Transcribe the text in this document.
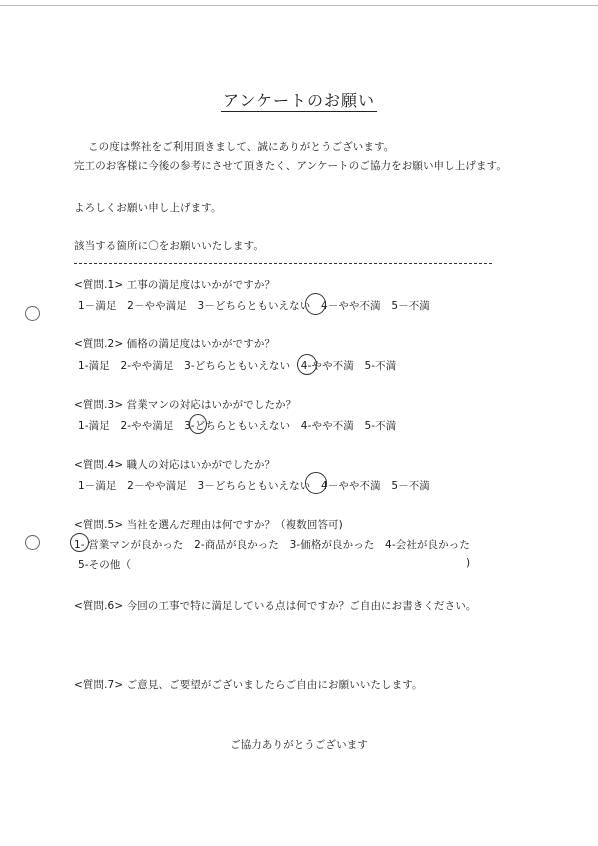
アンケートのお願い
この度は弊社をご利用頂きまして、誠にありがとうございます。
完工のお客様に今後の参考にさせて頂きたく、アンケートのご協力をお願い申し上げます。
よろしくお願い申し上げます。
該当する箇所に〇をお願いいたします。
<質問.1> 工事の満足度はいかがですか？
1－満足　2－やや満足　3－どちらともいえない　4－やや不満　5－不満
<質問.2> 価格の満足度はいかがですか？
1-満足　2-やや満足　3-どちらともいえない　4-やや不満　5-不満
<質問.3> 営業マンの対応はいかがでしたか？
1-満足　2-やや満足　3-どちらともいえない　4-やや不満　5-不満
<質問.4> 職人の対応はいかがでしたか？
1－満足　2－やや満足　3－どちらともいえない　4－やや不満　5－不満
<質問.5> 当社を選んだ理由は何ですか？（複数回答可)
1- 営業マンが良かった　2-商品が良かった　3-価格が良かった　4-会社が良かった
5-その他（	)
<質問.6> 今回の工事で特に満足している点は何ですか？ご自由にお書きください。
<質問.7> ご意見、ご要望がございましたらご自由にお願いいたします。
ご協力ありがとうございます
